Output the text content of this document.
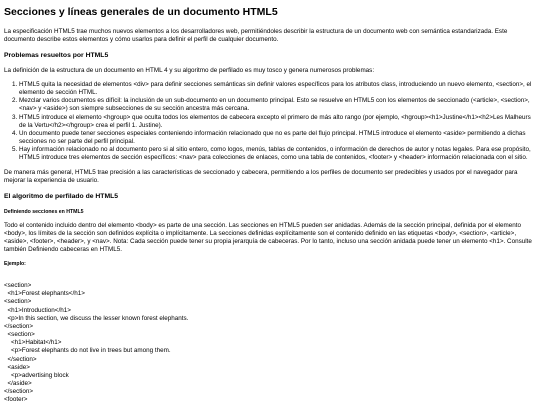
Secciones y líneas generales de un documento HTML5

La especificación HTML5 trae muchos nuevos elementos a los desarrolladores web, permitiéndoles describir la estructura de un documento web con semántica estandarizada. Este documento describe estos elementos y cómo usarlos para definir el perfil de cualquier documento.

Problemas resueltos por HTML5

La definición de la estructura de un documento en HTML 4 y su algoritmo de perfilado es muy tosco y genera numerosos problemas:

1. HTML5 quita la necesidad de elementos <div> para definir secciones semánticas sin definir valores específicos para los atributos class, introduciendo un nuevo elemento, <section>, el elemento de sección HTML.
2. Mezclar varios documentos es difícil: la inclusión de un sub-documento en un documento principal. Esto se resuelve en HTML5 con los elementos de seccionado (<article>, <section>, <nav> y <aside>) son siempre subsecciones de su sección ancestra más cercana.
3. HTML5 introduce el elemento <hgroup> que oculta todos los elementos de cabecera excepto el primero de más alto rango (por ejemplo, <hgroup><h1>Justine</h1><h2>Les Malheurs de la Vertu</h2></hgroup> crea el perfil 1. Justine).
4. Un documento puede tener secciones especiales conteniendo información relacionado que no es parte del flujo principal. HTML5 introduce el elemento <aside> permitiendo a dichas secciones no ser parte del perfil principal.
5. Hay información relacionado no al documento pero si al sitio entero, como logos, menús, tablas de contenidos, o información de derechos de autor y notas legales. Para ese propósito, HTML5 introduce tres elementos de sección específicos: <nav> para colecciones de enlaces, como una tabla de contenidos, <footer> y <header> información relacionada con el sitio.

De manera más general, HTML5 trae precisión a las características de seccionado y cabecera, permitiendo a los perfiles de documento ser predecibles y usados por el navegador para mejorar la experiencia de usuario.

El algoritmo de perfilado de HTML5
Definiendo secciones en HTML5

Todo el contenido incluido dentro del elemento <body> es parte de una sección. Las secciones en HTML5 pueden ser anidadas. Además de la sección principal, definida por el elemento <body>, los límites de la sección son definidos explícita o implícitamente. La secciones definidas explícitamente son el contenido definido en las etiquetas <body>, <section>, <article>, <aside>, <footer>, <header>, y <nav>. Nota: Cada sección puede tener su propia jerarquía de cabeceras. Por lo tanto, incluso una sección anidada puede tener un elemento <h1>. Consulte también Definiendo cabeceras en HTML5.

Ejemplo:
<section>
<h1>Forest elephants</h1>
<section>
<h1>Introduction</h1>
<p>In this section, we discuss the lesser known forest elephants.
</section>
<section>
<h1>Habitat</h1>
<p>Forest elephants do not live in trees but among them.
</section>
<aside>
<p>advertising block
</aside>
</section>
<footer>
